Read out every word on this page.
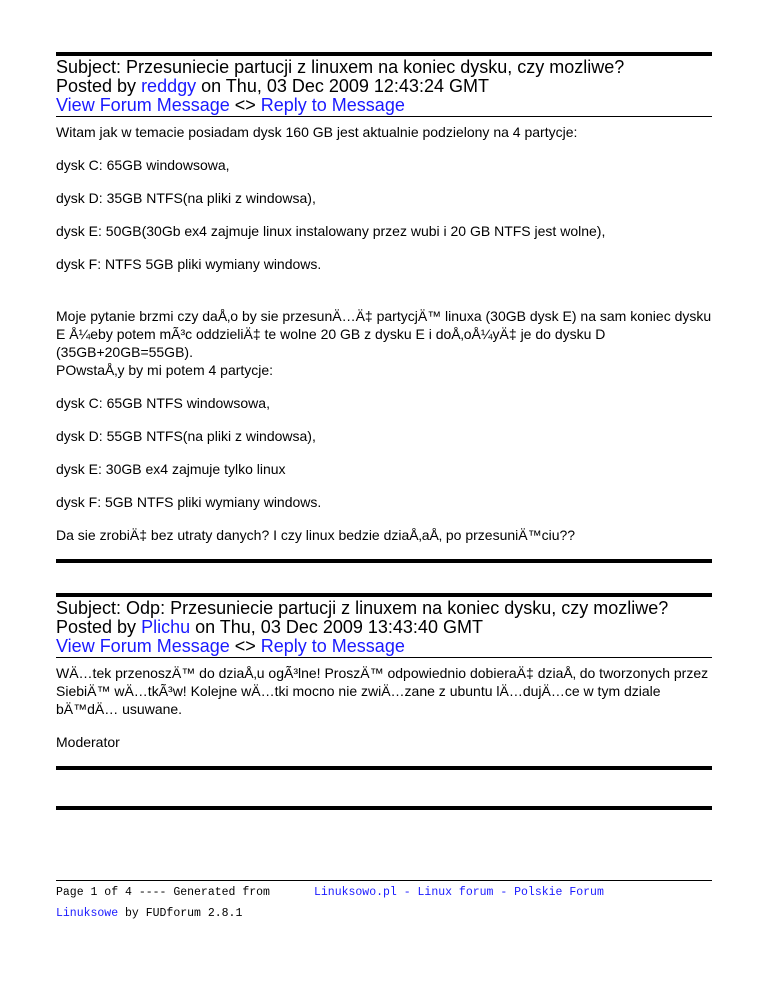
Subject: Przesuniecie partucji z linuxem na koniec dysku, czy mozliwe?
Posted by reddgy on Thu, 03 Dec 2009 12:43:24 GMT
View Forum Message <> Reply to Message

Witam jak w temacie posiadam dysk 160 GB jest aktualnie podzielony na 4 partycje:

dysk C: 65GB windowsowa,

dysk D: 35GB NTFS(na pliki z windowsa),

dysk E: 50GB(30Gb ex4 zajmuje linux instalowany przez wubi i 20 GB NTFS jest wolne),

dysk F: NTFS 5GB pliki wymiany windows.

Moje pytanie brzmi czy daÅ‚o by sie przesunÄ…Ä‡ partycjÄ™ linuxa (30GB dysk E) na sam koniec dysku E Å¼eby potem mÃ³c oddzieliÄ‡ te wolne 20 GB z dysku E i doÅ‚oÅ¼yÄ‡ je do dysku D (35GB+20GB=55GB).

POwstaÅ‚y by mi potem 4 partycje:

dysk C: 65GB NTFS windowsowa,

dysk D: 55GB NTFS(na pliki z windowsa),

dysk E: 30GB ex4 zajmuje tylko linux

dysk F: 5GB NTFS pliki wymiany windows.

Da sie zrobiÄ‡ bez utraty danych? I czy linux bedzie dziaÅ‚aÅ‚ po przesuniÄ™ciu??

Subject: Odp: Przesuniecie partucji z linuxem na koniec dysku, czy mozliwe?
Posted by Plichu on Thu, 03 Dec 2009 13:43:40 GMT
View Forum Message <> Reply to Message

WÄ…tek przenoszÄ™ do dziaÅ‚u ogÃ³lne! ProszÄ™ odpowiednio dobieraÄ‡ dziaÅ‚ do tworzonych przez SiebiÄ™ wÄ…tkÃ³w! Kolejne wÄ…tki mocno nie zwiÄ…zane z ubuntu lÄ…dujÄ…ce w tym dziale bÄ™dÄ… usuwane.

Moderator

Page 1 of 4 ---- Generated from
Linuksowe by FUDforum 2.8.1
Linuksowo.pl - Linux forum - Polskie Forum
